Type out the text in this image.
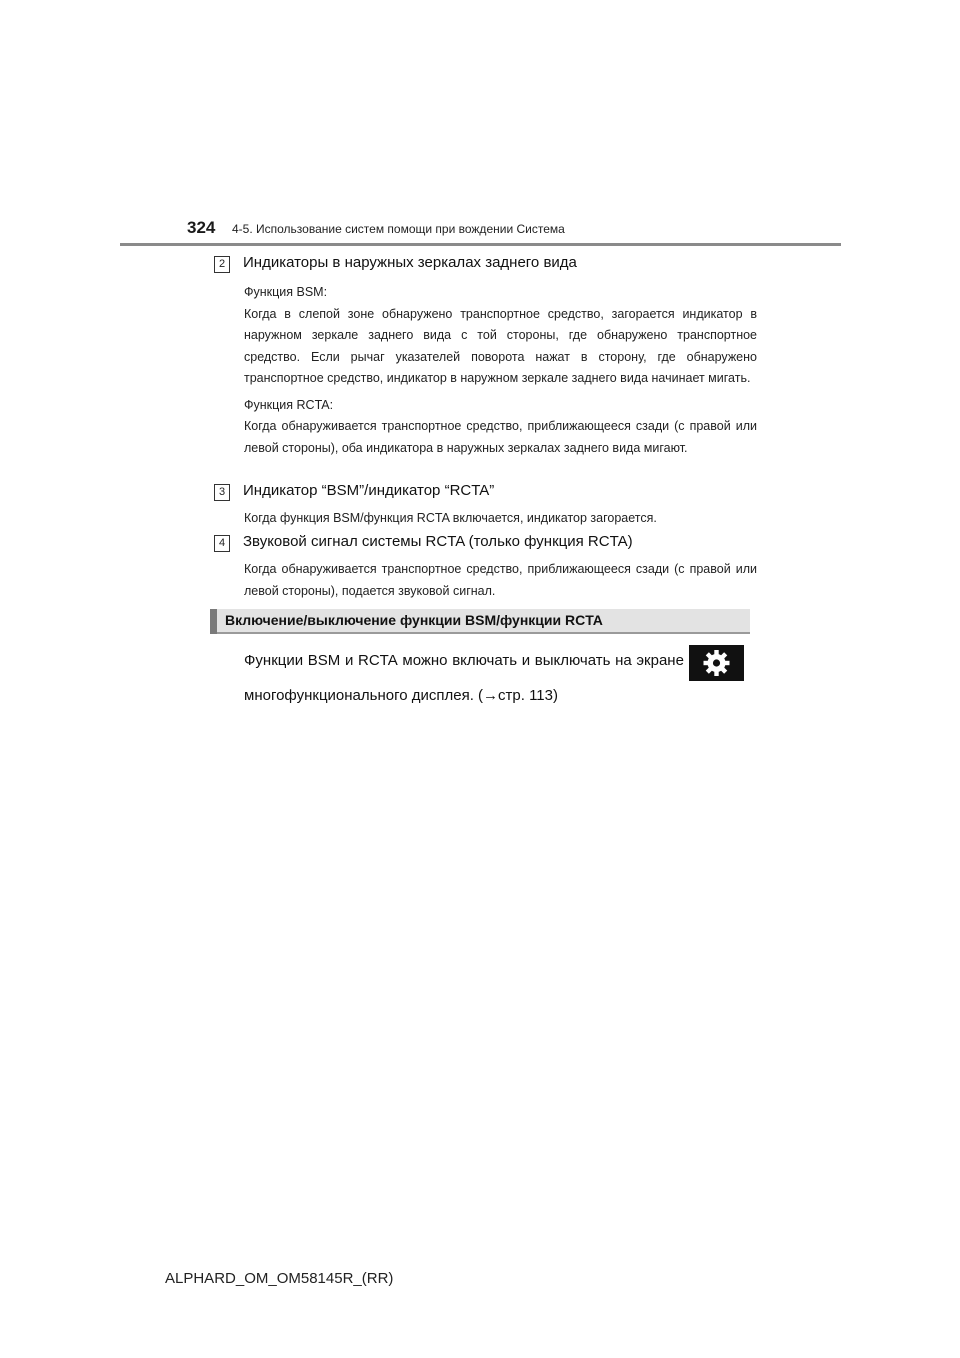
324 4-5. Использование систем помощи при вождении Система
2	Индикаторы в наружных зеркалах заднего вида
Функция BSM:
Когда в слепой зоне обнаружено транспортное средство, загорается индикатор в наружном зеркале заднего вида с той стороны, где обнаружено транспортное средство. Если рычаг указателей поворота нажат в сторону, где обнаружено транспортное средство, индикатор в наружном зеркале заднего вида начинает мигать.
Функция RCTA:
Когда обнаруживается транспортное средство, приближающееся сзади (с правой или левой стороны), оба индикатора в наружных зеркалах заднего вида мигают.
3	Индикатор “BSM”/индикатор “RCTA”
Когда функция BSM/функция RCTA включается, индикатор загорается.
4	Звуковой сигнал системы RCTA (только функция RCTA)
Когда обнаруживается транспортное средство, приближающееся сзади (с правой или левой стороны), подается звуковой сигнал.
Включение/выключение функции BSM/функции RCTA
Функции BSM и RCTA можно включать и выключать на экране
многофункционального дисплея. (→стр. 113)
ALPHARD_OM_OM58145R_(RR)
